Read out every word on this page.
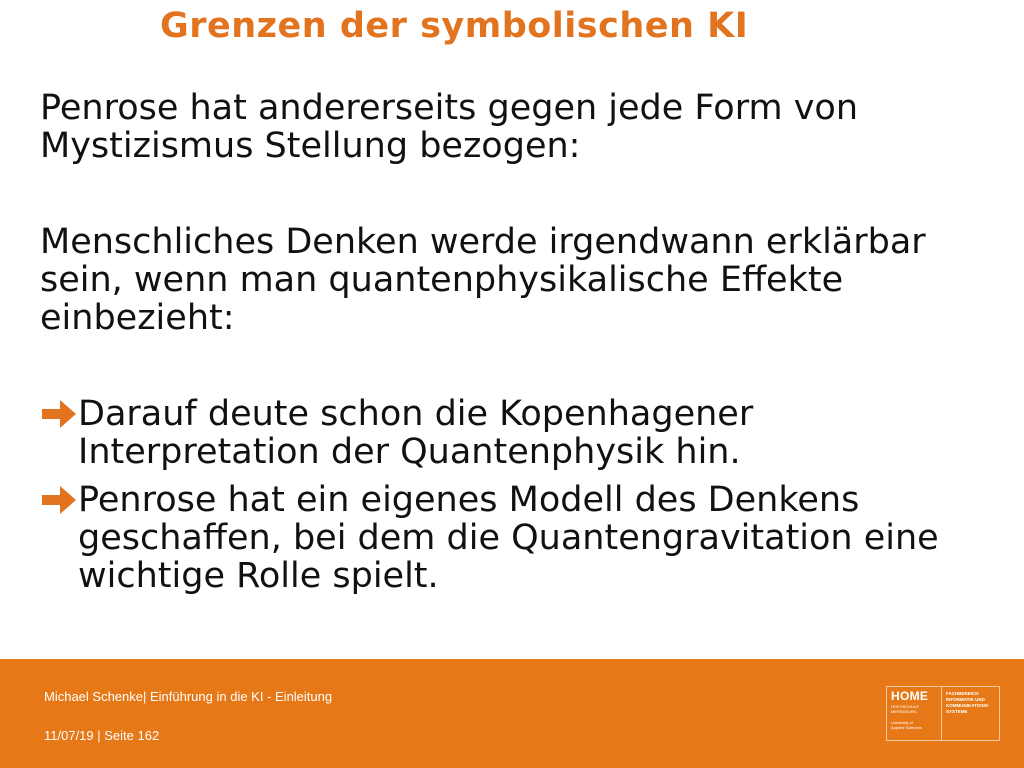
Grenzen der symbolischen KI
Penrose hat andererseits gegen jede Form von Mystizismus Stellung bezogen:
Menschliches Denken werde irgendwann erklärbar sein, wenn man quantenphysikalische Effekte einbezieht:
Darauf deute schon die Kopenhagener Interpretation der Quantenphysik hin.
Penrose hat ein eigenes Modell des Denkens geschaffen, bei dem die Quantengravitation eine wichtige Rolle spielt.
Michael Schenke| Einführung in die KI - Einleitung
11/07/19 | Seite 162
HOME
HOCHSCHULE
MERSEBURG
University of
Applied Sciences
FACHBEREICH
INFORMATIK UND
KOMMUNIKATIONS-
SYSTEME
